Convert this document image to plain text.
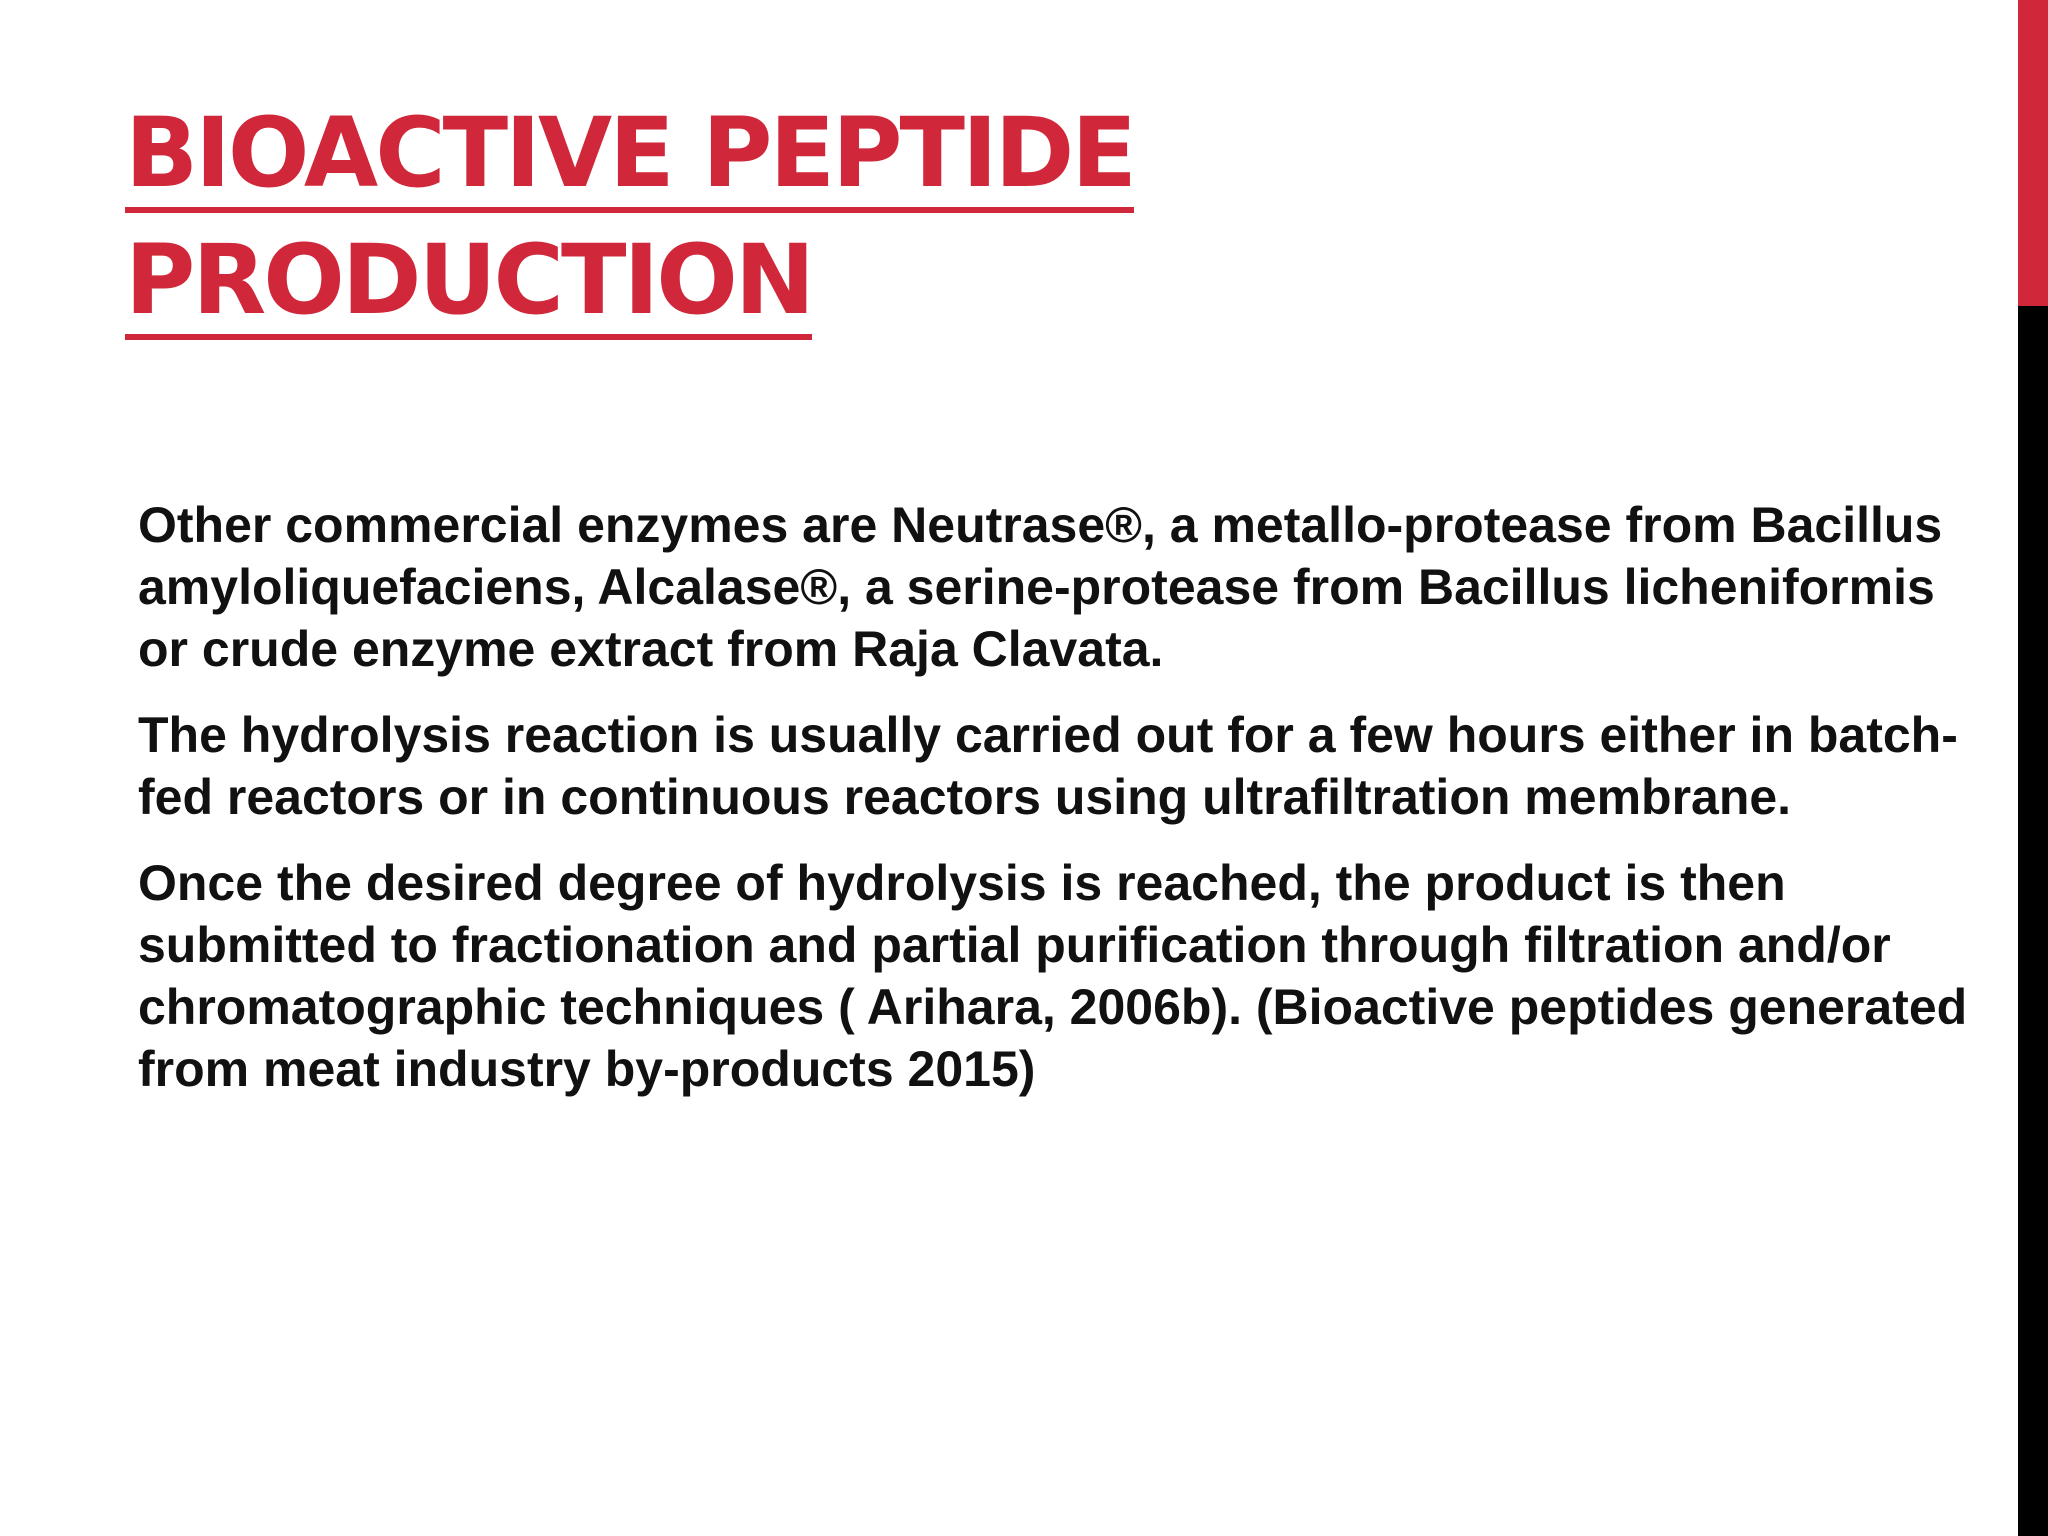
BIOACTIVE PEPTIDE
PRODUCTION

Other commercial enzymes are Neutrase®, a metallo-protease from Bacillus amyloliquefaciens, Alcalase®, a serine-protease from Bacillus licheniformis or crude enzyme extract from Raja Clavata.

The hydrolysis reaction is usually carried out for a few hours either in batch-fed reactors or in continuous reactors using ultrafiltration membrane.

Once the desired degree of hydrolysis is reached, the product is then submitted to fractionation and partial purification through filtration and/or chromatographic techniques ( Arihara, 2006b). (Bioactive peptides generated from meat industry by-products 2015)
